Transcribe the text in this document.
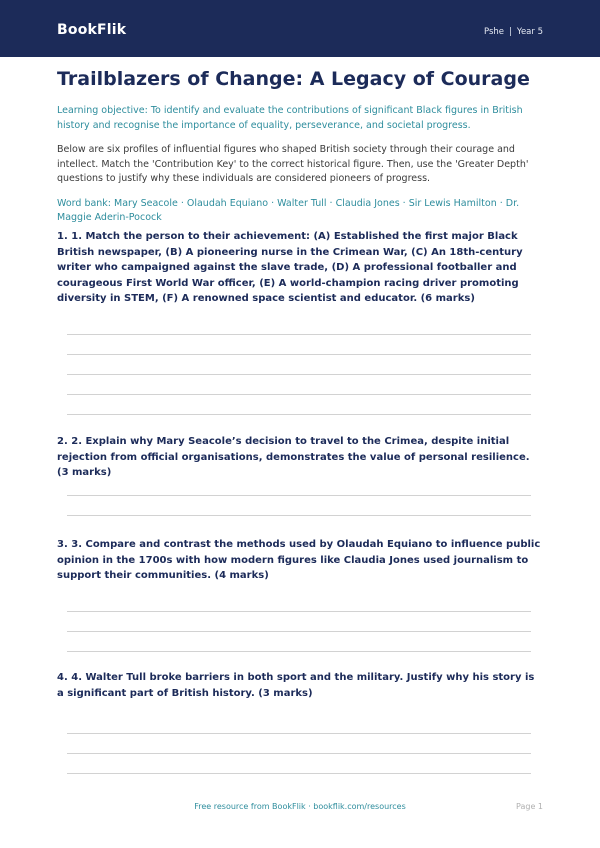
BookFlik	Pshe | Year 5
Trailblazers of Change: A Legacy of Courage
Learning objective: To identify and evaluate the contributions of significant Black figures in British history and recognise the importance of equality, perseverance, and societal progress.
Below are six profiles of influential figures who shaped British society through their courage and intellect. Match the 'Contribution Key' to the correct historical figure. Then, use the 'Greater Depth' questions to justify why these individuals are considered pioneers of progress.
Word bank: Mary Seacole · Olaudah Equiano · Walter Tull · Claudia Jones · Sir Lewis Hamilton · Dr. Maggie Aderin-Pocock
1. 1. Match the person to their achievement: (A) Established the first major Black British newspaper, (B) A pioneering nurse in the Crimean War, (C) An 18th-century writer who campaigned against the slave trade, (D) A professional footballer and courageous First World War officer, (E) A world-champion racing driver promoting diversity in STEM, (F) A renowned space scientist and educator. (6 marks)
2. 2. Explain why Mary Seacole’s decision to travel to the Crimea, despite initial rejection from official organisations, demonstrates the value of personal resilience. (3 marks)
3. 3. Compare and contrast the methods used by Olaudah Equiano to influence public opinion in the 1700s with how modern figures like Claudia Jones used journalism to support their communities. (4 marks)
4. 4. Walter Tull broke barriers in both sport and the military. Justify why his story is a significant part of British history. (3 marks)
Free resource from BookFlik · bookflik.com/resources	Page 1
